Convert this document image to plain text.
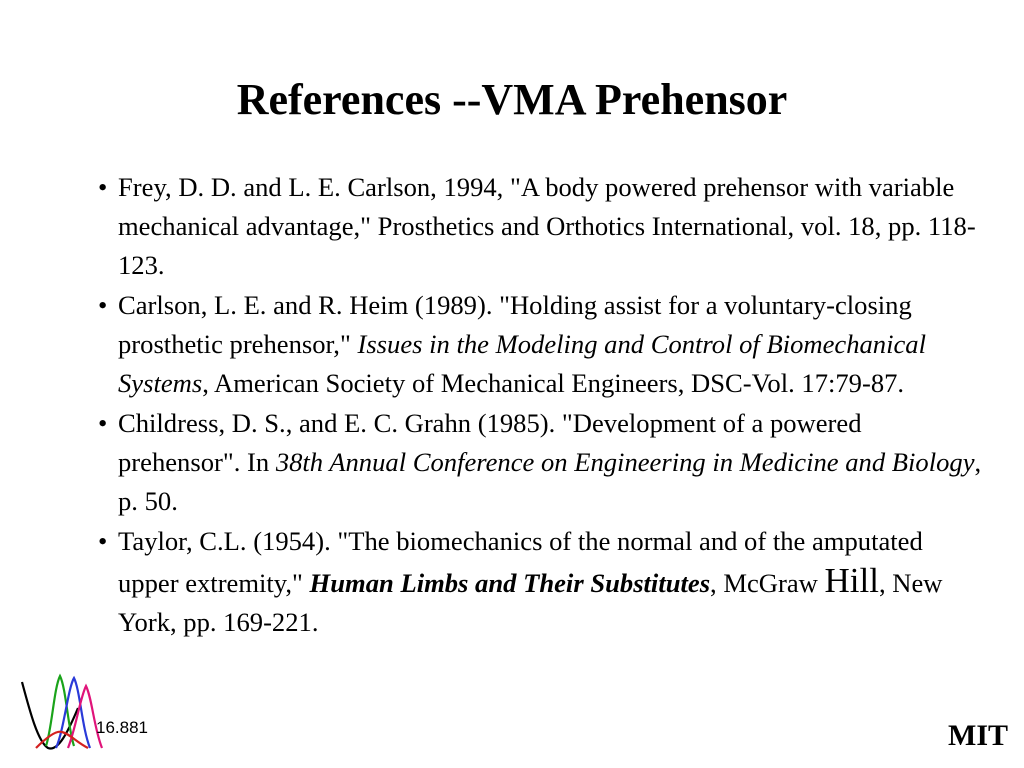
References --VMA Prehensor
• Frey, D. D. and L. E. Carlson, 1994, "A body powered prehensor with variable mechanical advantage," Prosthetics and Orthotics International, vol. 18, pp. 118-123.
• Carlson, L. E. and R. Heim (1989). "Holding assist for a voluntary-closing prosthetic prehensor," Issues in the Modeling and Control of Biomechanical Systems, American Society of Mechanical Engineers, DSC-Vol. 17:79-87.
• Childress, D. S., and E. C. Grahn (1985). "Development of a powered prehensor". In 38th Annual Conference on Engineering in Medicine and Biology, p. 50.
• Taylor, C.L. (1954). "The biomechanics of the normal and of the amputated upper extremity," Human Limbs and Their Substitutes, McGraw Hill, New York, pp. 169-221.
16.881	MIT
